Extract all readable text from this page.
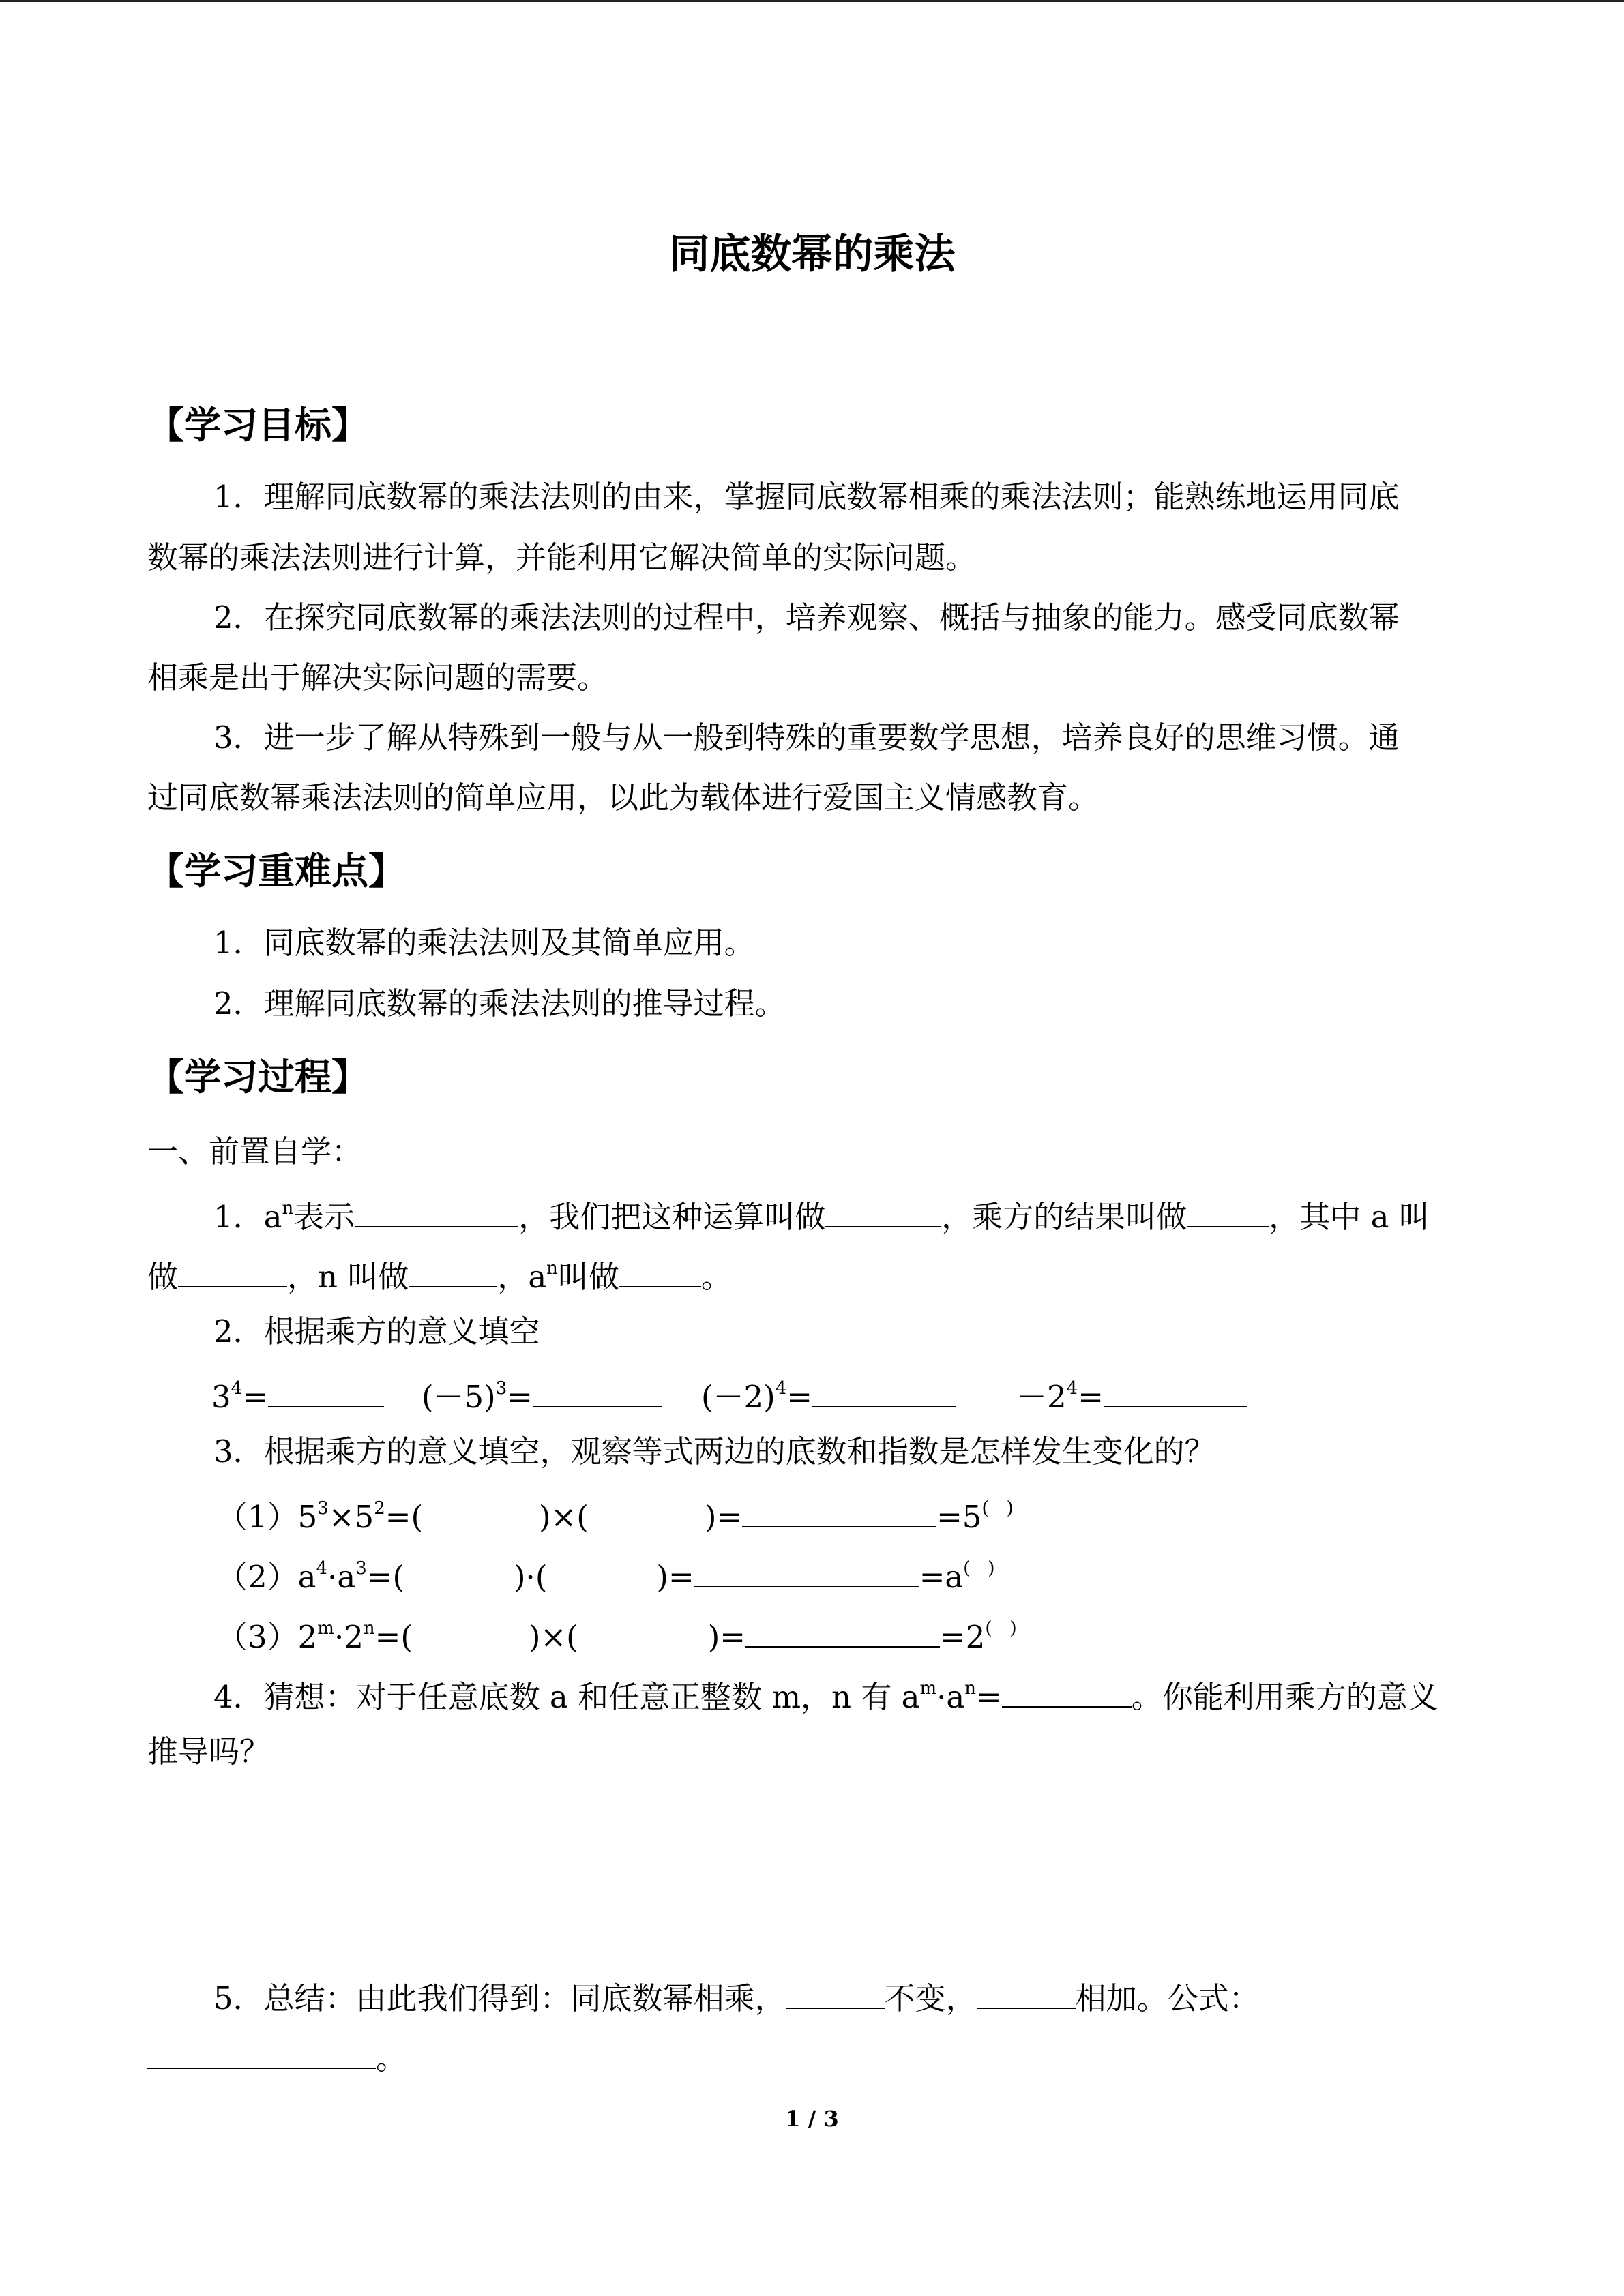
同底数幂的乘法
【学习目标】
1．理解同底数幂的乘法法则的由来，掌握同底数幂相乘的乘法法则；能熟练地运用同底
数幂的乘法法则进行计算，并能利用它解决简单的实际问题。
2．在探究同底数幂的乘法法则的过程中，培养观察、概括与抽象的能力。感受同底数幂
相乘是出于解决实际问题的需要。
3．进一步了解从特殊到一般与从一般到特殊的重要数学思想，培养良好的思维习惯。通
过同底数幂乘法法则的简单应用，以此为载体进行爱国主义情感教育。
【学习重难点】
1．同底数幂的乘法法则及其简单应用。
2．理解同底数幂的乘法法则的推导过程。
【学习过程】
一、前置自学：
1．$a^n$表示	，我们把这种运算叫做	，乘方的结果叫做	，其中 a 叫
做	，n 叫做	，$a^n$叫做	。
2．根据乘方的意义填空
$3^4=$	$(-5)^3=$	$(-2)^4=$	$-2^4=$
3．根据乘方的意义填空，观察等式两边的底数和指数是怎样发生变化的？
$(1)5^3\times 5^2=$(	)×(	)=	=5(　)
$(2)a^4\cdot a^3=$(	)·(	)=	=a(　)
$(3)2^m\cdot 2^n=$(	)×(	)=	=2(　)
4．猜想：对于任意底数 a 和任意正整数 m，n 有 $a^m\cdot a^n=$	。你能利用乘方的意义
推导吗？
5．总结：由此我们得到：同底数幂相乘，	不变，	相加。公式：
。
1 / 3
